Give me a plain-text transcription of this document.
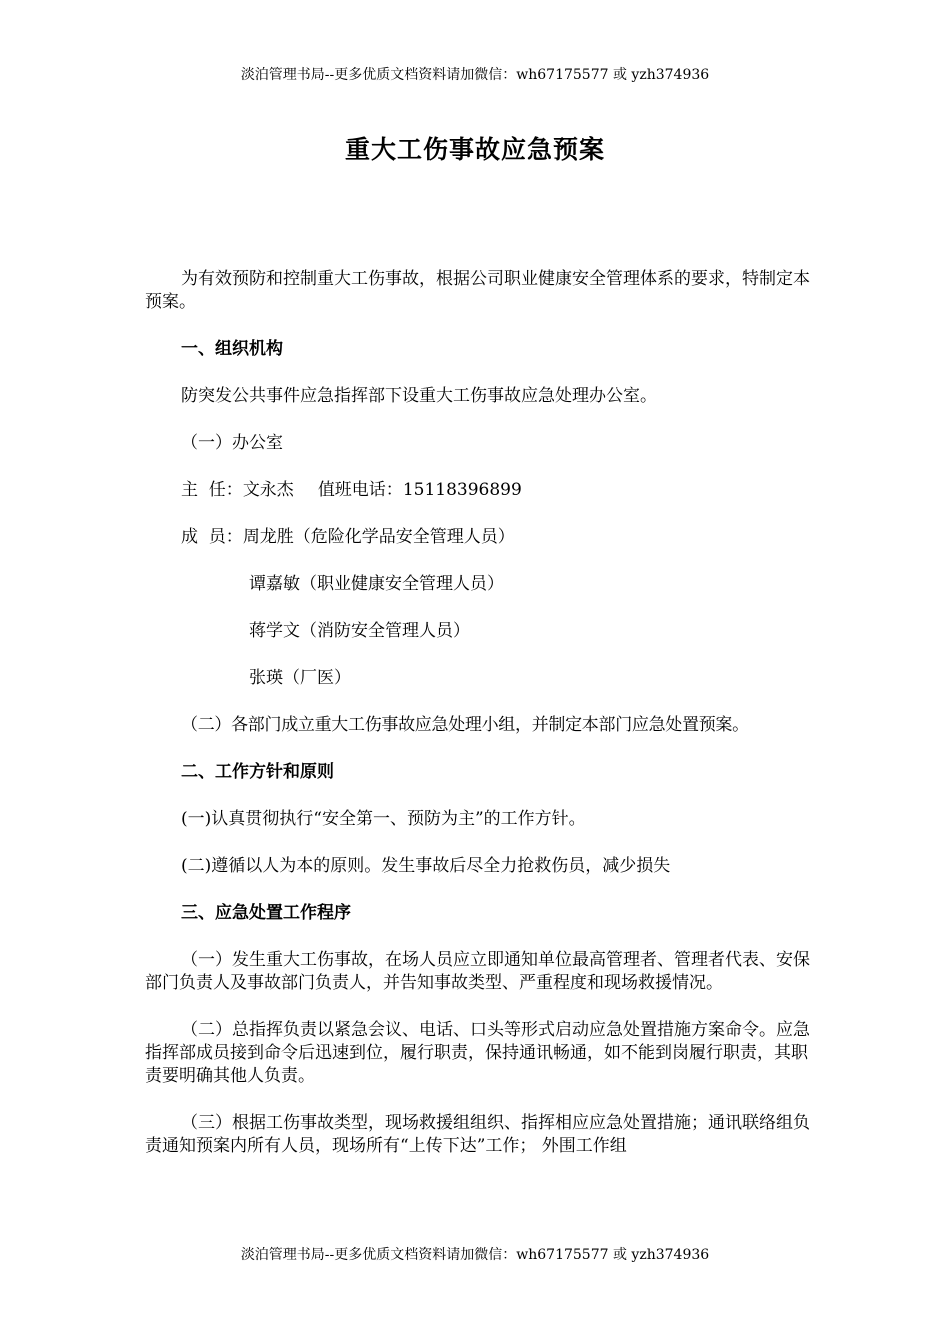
淡泊管理书局--更多优质文档资料请加微信：wh67175577 或 yzh374936
重大工伤事故应急预案

为有效预防和控制重大工伤事故，根据公司职业健康安全管理体系的要求，特制定本预案。

一、组织机构

防突发公共事件应急指挥部下设重大工伤事故应急处理办公室。

（一）办公室

主  任：文永杰 值班电话：15118396899

成  员：周龙胜（危险化学品安全管理人员）

谭嘉敏（职业健康安全管理人员）

蒋学文（消防安全管理人员）

张瑛（厂医）

（二）各部门成立重大工伤事故应急处理小组，并制定本部门应急处置预案。

二、工作方针和原则

(一)认真贯彻执行“安全第一、预防为主”的工作方针。

(二)遵循以人为本的原则。发生事故后尽全力抢救伤员，减少损失

三、应急处置工作程序

（一）发生重大工伤事故，在场人员应立即通知单位最高管理者、管理者代表、安保部门负责人及事故部门负责人，并告知事故类型、严重程度和现场救援情况。

（二）总指挥负责以紧急会议、电话、口头等形式启动应急处置措施方案命令。应急指挥部成员接到命令后迅速到位，履行职责，保持通讯畅通，如不能到岗履行职责，其职责要明确其他人负责。

（三）根据工伤事故类型，现场救援组组织、指挥相应应急处置措施；通讯联络组负责通知预案内所有人员，现场所有“上传下达”工作； 外围工作组

淡泊管理书局--更多优质文档资料请加微信：wh67175577 或 yzh374936
